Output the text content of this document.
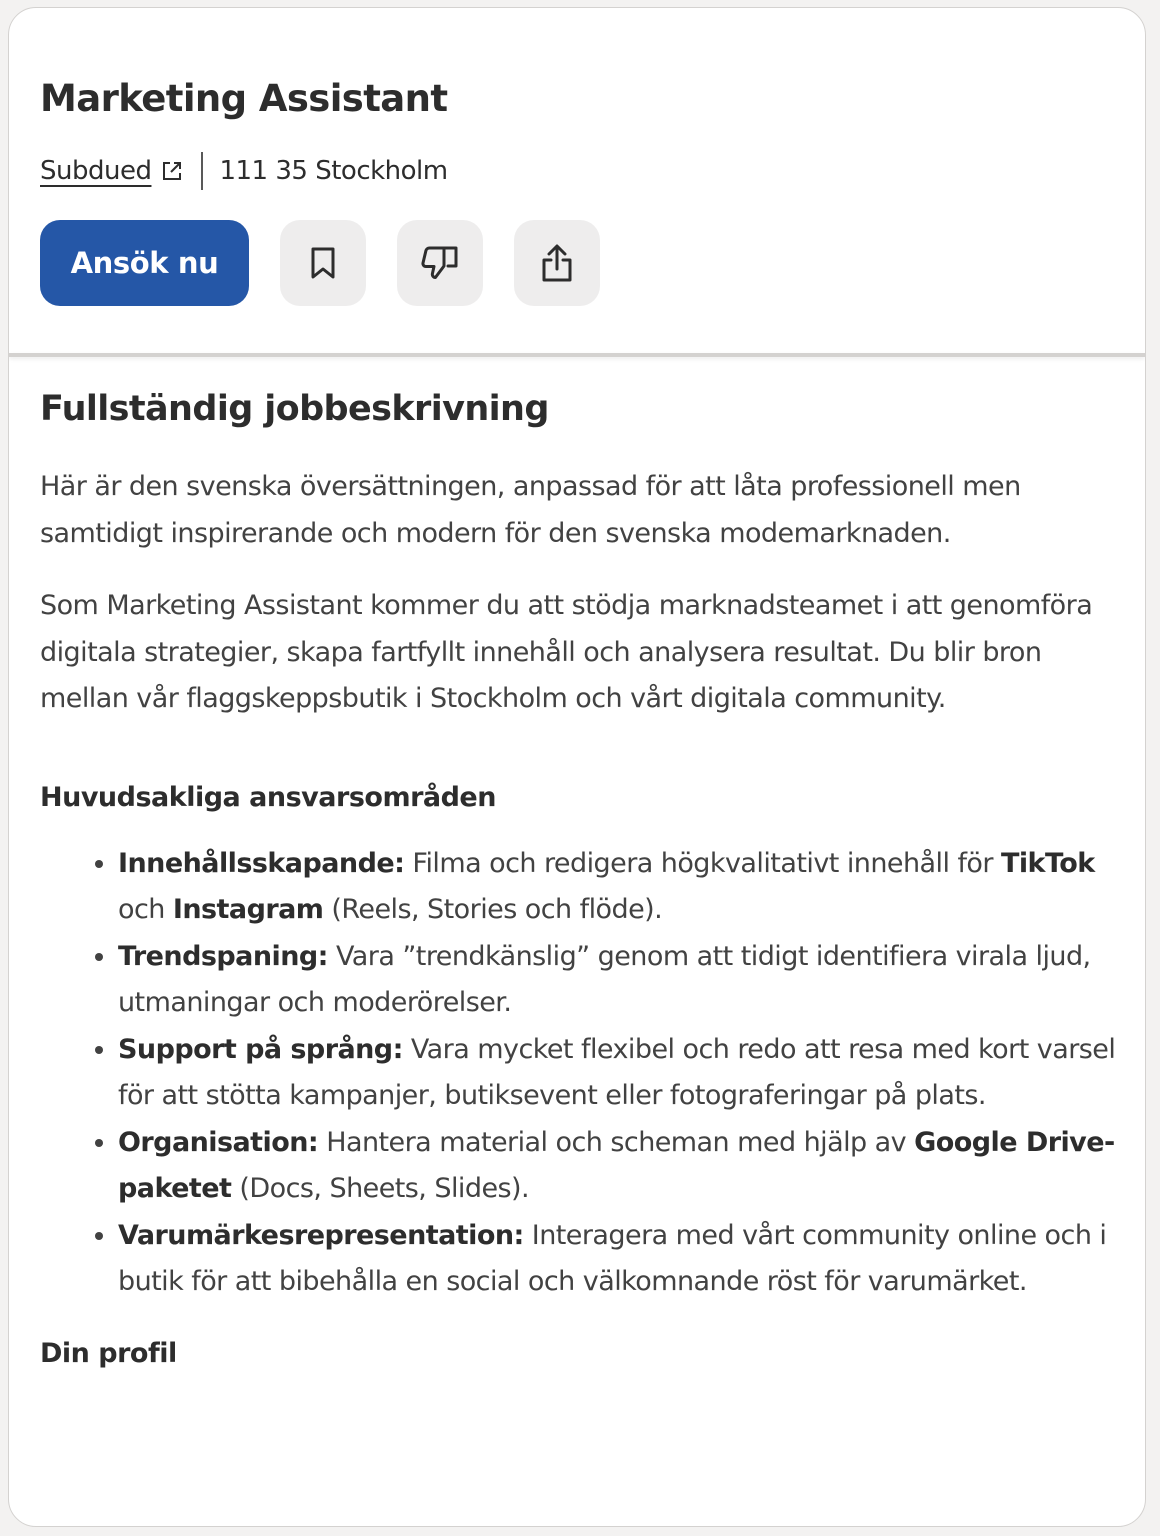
Marketing Assistant
Subdued	111 35 Stockholm
Ansök nu
Fullständig jobbeskrivning

Här är den svenska översättningen, anpassad för att låta professionell men samtidigt inspirerande och modern för den svenska modemarknaden.

Som Marketing Assistant kommer du att stödja marknadsteamet i att genomföra digitala strategier, skapa fartfyllt innehåll och analysera resultat. Du blir bron mellan vår flaggskeppsbutik i Stockholm och vårt digitala community.

Huvudsakliga ansvarsområden
• Innehållsskapande: Filma och redigera högkvalitativt innehåll för TikTok och Instagram (Reels, Stories och flöde).
• Trendspaning: Vara ”trendkänslig” genom att tidigt identifiera virala ljud, utmaningar och moderörelser.
• Support på språng: Vara mycket flexibel och redo att resa med kort varsel för att stötta kampanjer, butiksevent eller fotograferingar på plats.
• Organisation: Hantera material och scheman med hjälp av Google Drive-paketet (Docs, Sheets, Slides).
• Varumärkesrepresentation: Interagera med vårt community online och i butik för att bibehålla en social och välkomnande röst för varumärket.
Din profil
